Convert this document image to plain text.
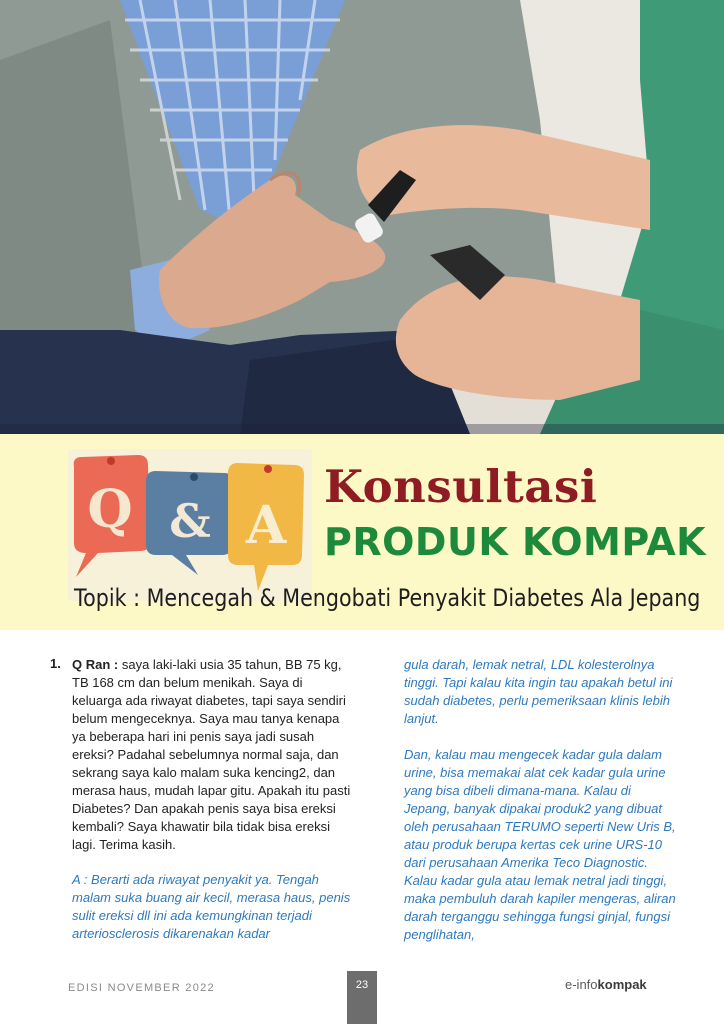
Q & A
Konsultasi
PRODUK KOMPAK
Topik : Mencegah & Mengobati Penyakit Diabetes Ala Jepang
1. Q Ran : saya laki-laki usia 35 tahun, BB 75 kg, TB 168 cm dan belum menikah. Saya di keluarga ada riwayat diabetes, tapi saya sendiri belum mengeceknya. Saya mau tanya kenapa ya beberapa hari ini penis saya jadi susah ereksi? Padahal sebelumnya normal saja, dan sekrang saya kalo malam suka kencing2, dan merasa haus, mudah lapar gitu. Apakah itu pasti Diabetes? Dan apakah penis saya bisa ereksi kembali? Saya khawatir bila tidak bisa ereksi lagi. Terima kasih.
A : Berarti ada riwayat penyakit ya. Tengah malam suka buang air kecil, merasa haus, penis sulit ereksi dll ini ada kemungkinan terjadi arteriosclerosis dikarenakan kadar

gula darah, lemak netral, LDL kolesterolnya tinggi. Tapi kalau kita ingin tau apakah betul ini sudah diabetes, perlu pemeriksaan klinis lebih lanjut.

Dan, kalau mau mengecek kadar gula dalam urine, bisa memakai alat cek kadar gula urine yang bisa dibeli dimana-mana. Kalau di Jepang, banyak dipakai produk2 yang dibuat oleh perusahaan TERUMO seperti New Uris B, atau produk berupa kertas cek urine URS-10 dari perusahaan Amerika Teco Diagnostic. Kalau kadar gula atau lemak netral jadi tinggi, maka pembuluh darah kapiler mengeras, aliran darah terganggu sehingga fungsi ginjal, fungsi penglihatan,

EDISI NOVEMBER 2022	23	e-infokompak
